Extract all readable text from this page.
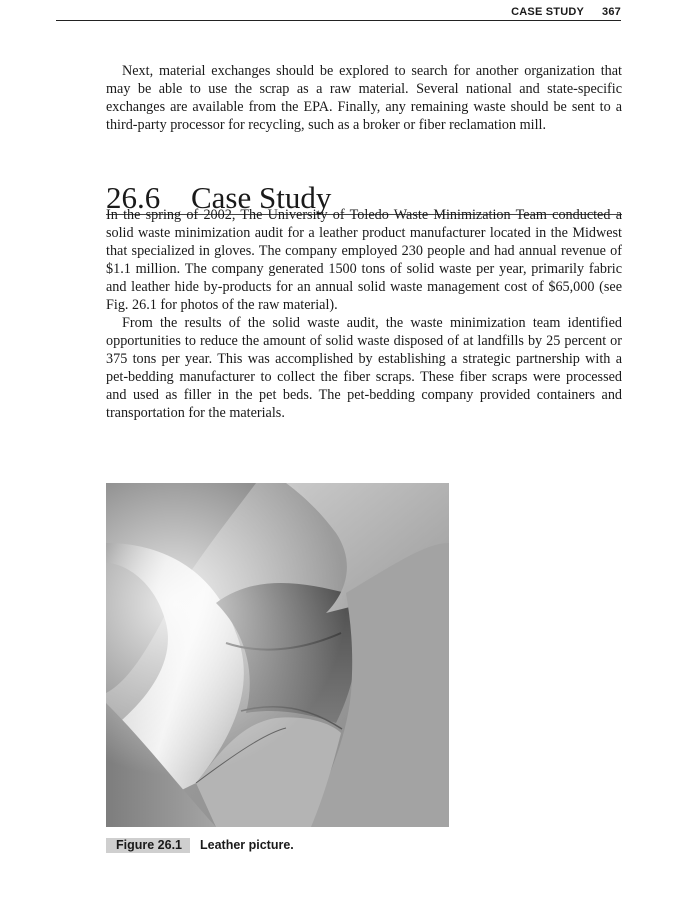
CASE STUDY 367

Next, material exchanges should be explored to search for another organization that may be able to use the scrap as a raw material. Several national and state-specific exchanges are available from the EPA. Finally, any remaining waste should be sent to a third-party processor for recycling, such as a broker or fiber reclamation mill.

26.6 Case Study

In the spring of 2002, The University of Toledo Waste Minimization Team conducted a solid waste minimization audit for a leather product manufacturer located in the Midwest that specialized in gloves. The company employed 230 people and had annual revenue of $1.1 million. The company generated 1500 tons of solid waste per year, primarily fabric and leather hide by-products for an annual solid waste management cost of $65,000 (see Fig. 26.1 for photos of the raw material).

From the results of the solid waste audit, the waste minimization team identified opportunities to reduce the amount of solid waste disposed of at landfills by 25 percent or 375 tons per year. This was accomplished by establishing a strategic partnership with a pet-bedding manufacturer to collect the fiber scraps. These fiber scraps were processed and used as filler in the pet beds. The pet-bedding company provided containers and transportation for the materials.

Figure 26.1 Leather picture.
